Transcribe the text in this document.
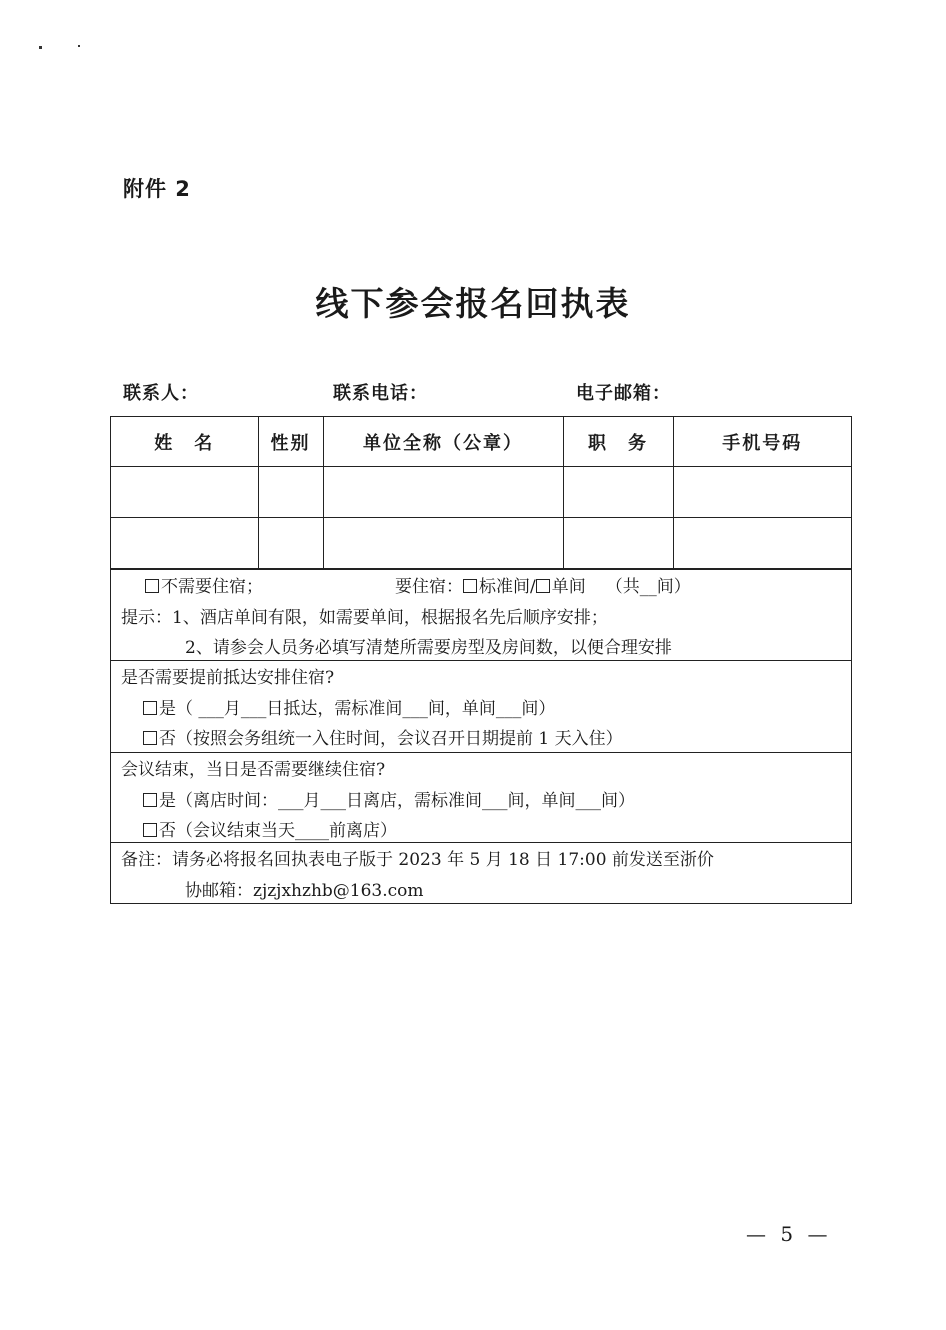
附件 2
线下参会报名回执表
联系人：	联系电话：	电子邮箱：
姓　名	性别	单位全称（公章）	职　务	手机号码

不需要住宿；	要住宿： 标准间/ 单间 （共__间）
提示：1、酒店单间有限，如需要单间，根据报名先后顺序安排；
2、请参会人员务必填写清楚所需要房型及房间数，以便合理安排
是否需要提前抵达安排住宿?
是（ ___月___日抵达，需标准间___间，单间___间）
否（按照会务组统一入住时间，会议召开日期提前 1 天入住）
会议结束，当日是否需要继续住宿?
是（离店时间：___月___日离店，需标准间___间，单间___间）
否（会议结束当天____前离店）
备注：请务必将报名回执表电子版于 2023 年 5 月 18 日 17:00 前发送至浙价
协邮箱：zjzjxhzhb@163.com
— 5 —
